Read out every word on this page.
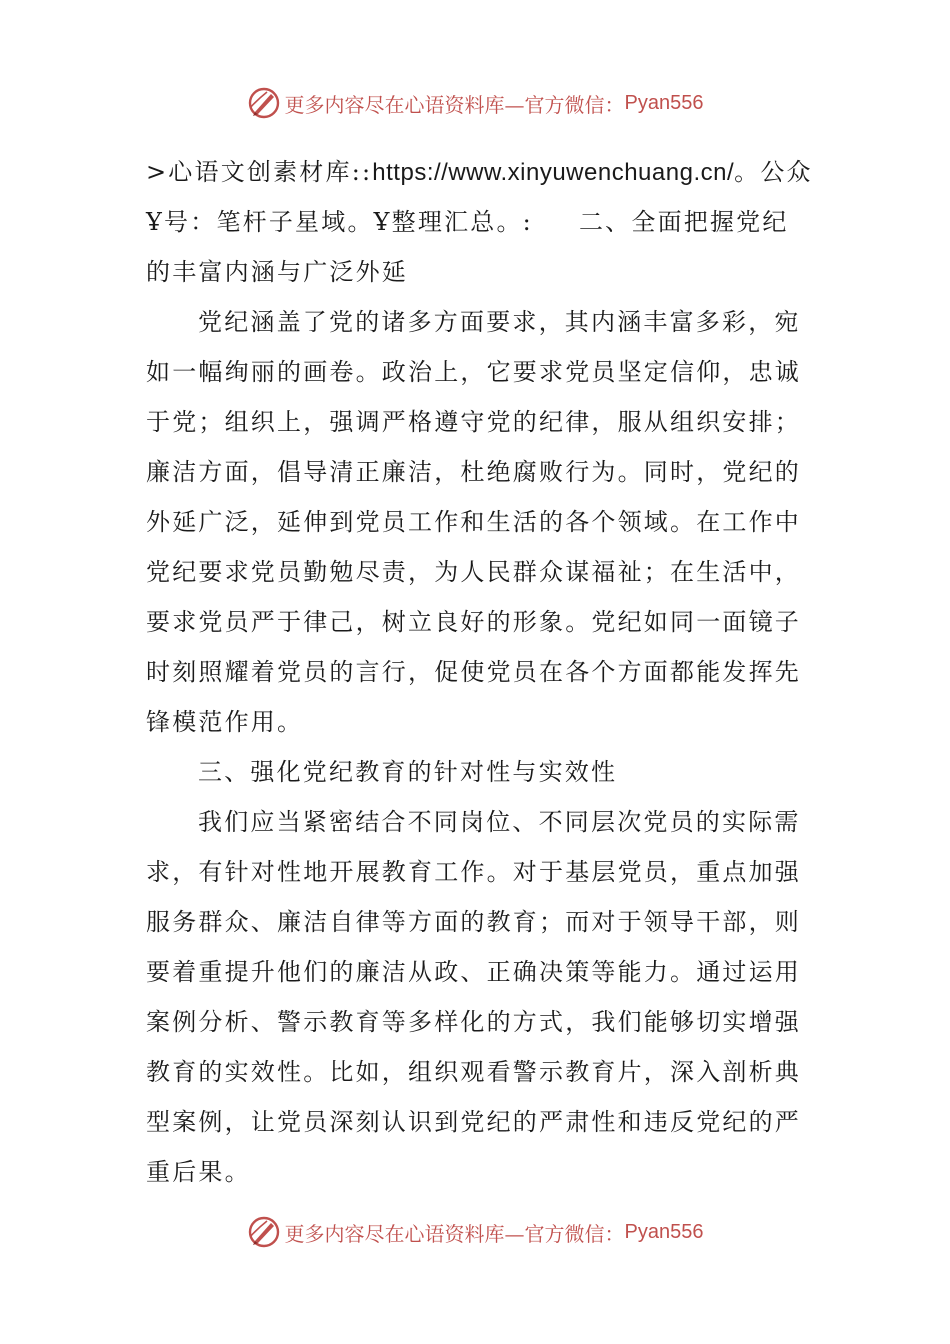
更多内容尽在心语资料库—官方微信： Pyan556
>心语文创素材库::https://www.xinyuwenchuang.cn/。公众
Ұ号：笔杆子星域。Ұ整理汇总。: 二、全面把握党纪
的丰富内涵与广泛外延
党纪涵盖了党的诸多方面要求，其内涵丰富多彩，宛
如一幅绚丽的画卷。政治上，它要求党员坚定信仰，忠诚
于党；组织上，强调严格遵守党的纪律，服从组织安排；
廉洁方面，倡导清正廉洁，杜绝腐败行为。同时，党纪的
外延广泛，延伸到党员工作和生活的各个领域。在工作中
党纪要求党员勤勉尽责，为人民群众谋福祉；在生活中，
要求党员严于律己，树立良好的形象。党纪如同一面镜子
时刻照耀着党员的言行，促使党员在各个方面都能发挥先
锋模范作用。
三、强化党纪教育的针对性与实效性
我们应当紧密结合不同岗位、不同层次党员的实际需
求，有针对性地开展教育工作。对于基层党员，重点加强
服务群众、廉洁自律等方面的教育；而对于领导干部，则
要着重提升他们的廉洁从政、正确决策等能力。通过运用
案例分析、警示教育等多样化的方式，我们能够切实增强
教育的实效性。比如，组织观看警示教育片，深入剖析典
型案例，让党员深刻认识到党纪的严肃性和违反党纪的严
重后果。
更多内容尽在心语资料库—官方微信： Pyan556
